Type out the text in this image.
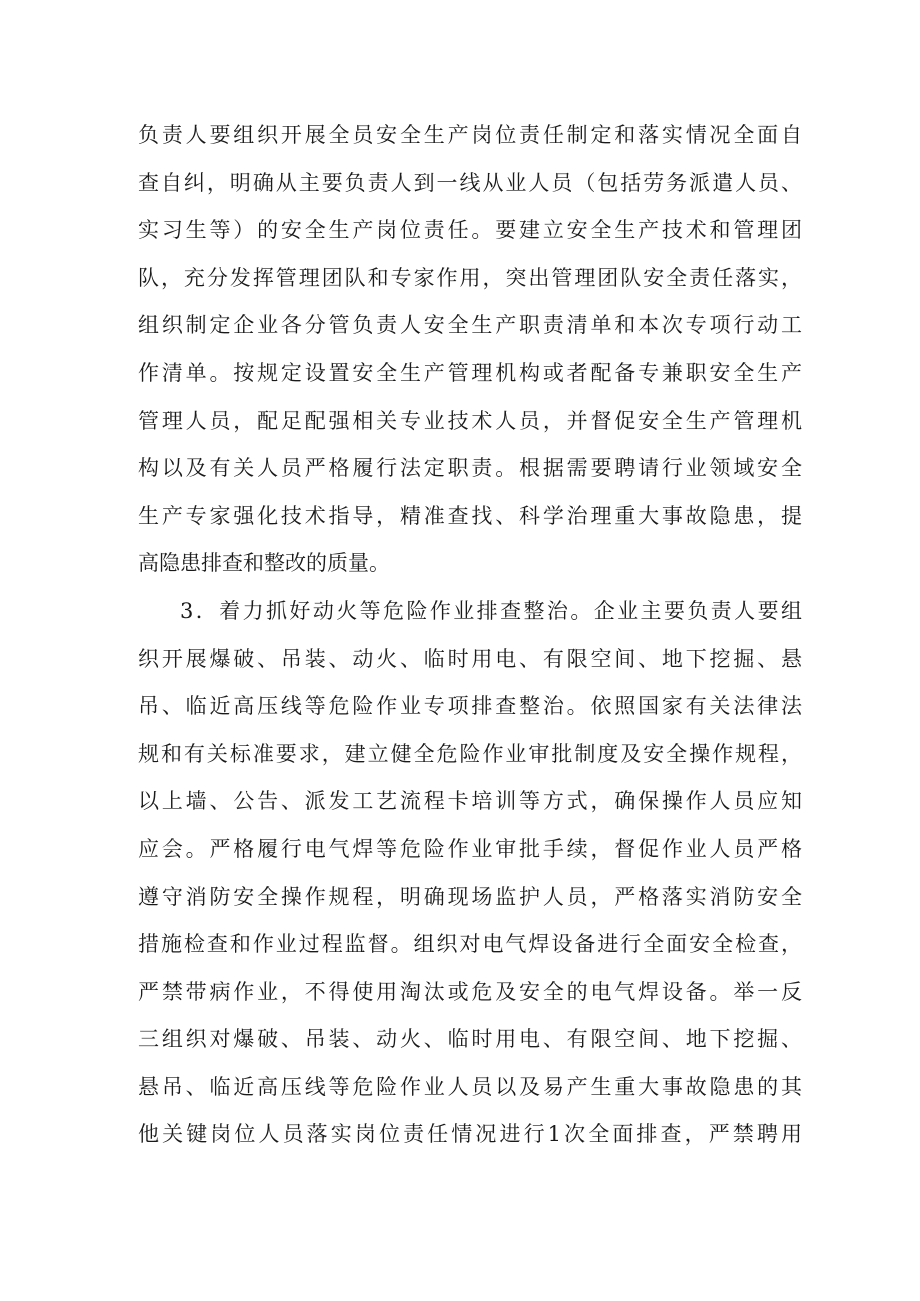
负责人要组织开展全员安全生产岗位责任制定和落实情况全面自
查自纠，明确从主要负责人到一线从业人员（包括劳务派遣人员、
实习生等）的安全生产岗位责任。要建立安全生产技术和管理团
队，充分发挥管理团队和专家作用，突出管理团队安全责任落实，
组织制定企业各分管负责人安全生产职责清单和本次专项行动工
作清单。按规定设置安全生产管理机构或者配备专兼职安全生产
管理人员，配足配强相关专业技术人员，并督促安全生产管理机
构以及有关人员严格履行法定职责。根据需要聘请行业领域安全
生产专家强化技术指导，精准查找、科学治理重大事故隐患，提
高隐患排查和整改的质量。
3．着力抓好动火等危险作业排查整治。企业主要负责人要组
织开展爆破、吊装、动火、临时用电、有限空间、地下挖掘、悬
吊、临近高压线等危险作业专项排查整治。依照国家有关法律法
规和有关标准要求，建立健全危险作业审批制度及安全操作规程，
以上墙、公告、派发工艺流程卡培训等方式，确保操作人员应知
应会。严格履行电气焊等危险作业审批手续，督促作业人员严格
遵守消防安全操作规程，明确现场监护人员，严格落实消防安全
措施检查和作业过程监督。组织对电气焊设备进行全面安全检查，
严禁带病作业，不得使用淘汰或危及安全的电气焊设备。举一反
三组织对爆破、吊装、动火、临时用电、有限空间、地下挖掘、
悬吊、临近高压线等危险作业人员以及易产生重大事故隐患的其
他关键岗位人员落实岗位责任情况进行1次全面排查，严禁聘用
